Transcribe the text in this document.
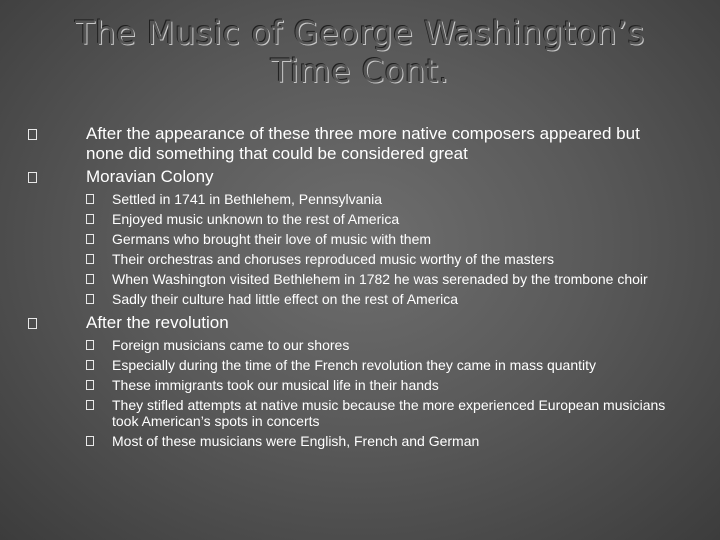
The Music of George Washington’s
Time Cont.
After the appearance of these three more native composers appeared but none did something that could be considered great
Moravian Colony
Settled in 1741 in Bethlehem, Pennsylvania
Enjoyed music unknown to the rest of America
Germans who brought their love of music with them
Their orchestras and choruses reproduced music worthy of the masters
When Washington visited Bethlehem in 1782 he was serenaded by the trombone choir
Sadly their culture had little effect on the rest of America
After the revolution
Foreign musicians came to our shores
Especially during the time of the French revolution they came in mass quantity
These immigrants took our musical life in their hands
They stifled attempts at native music because the more experienced European musicians took American’s spots in concerts
Most of these musicians were English, French and German
